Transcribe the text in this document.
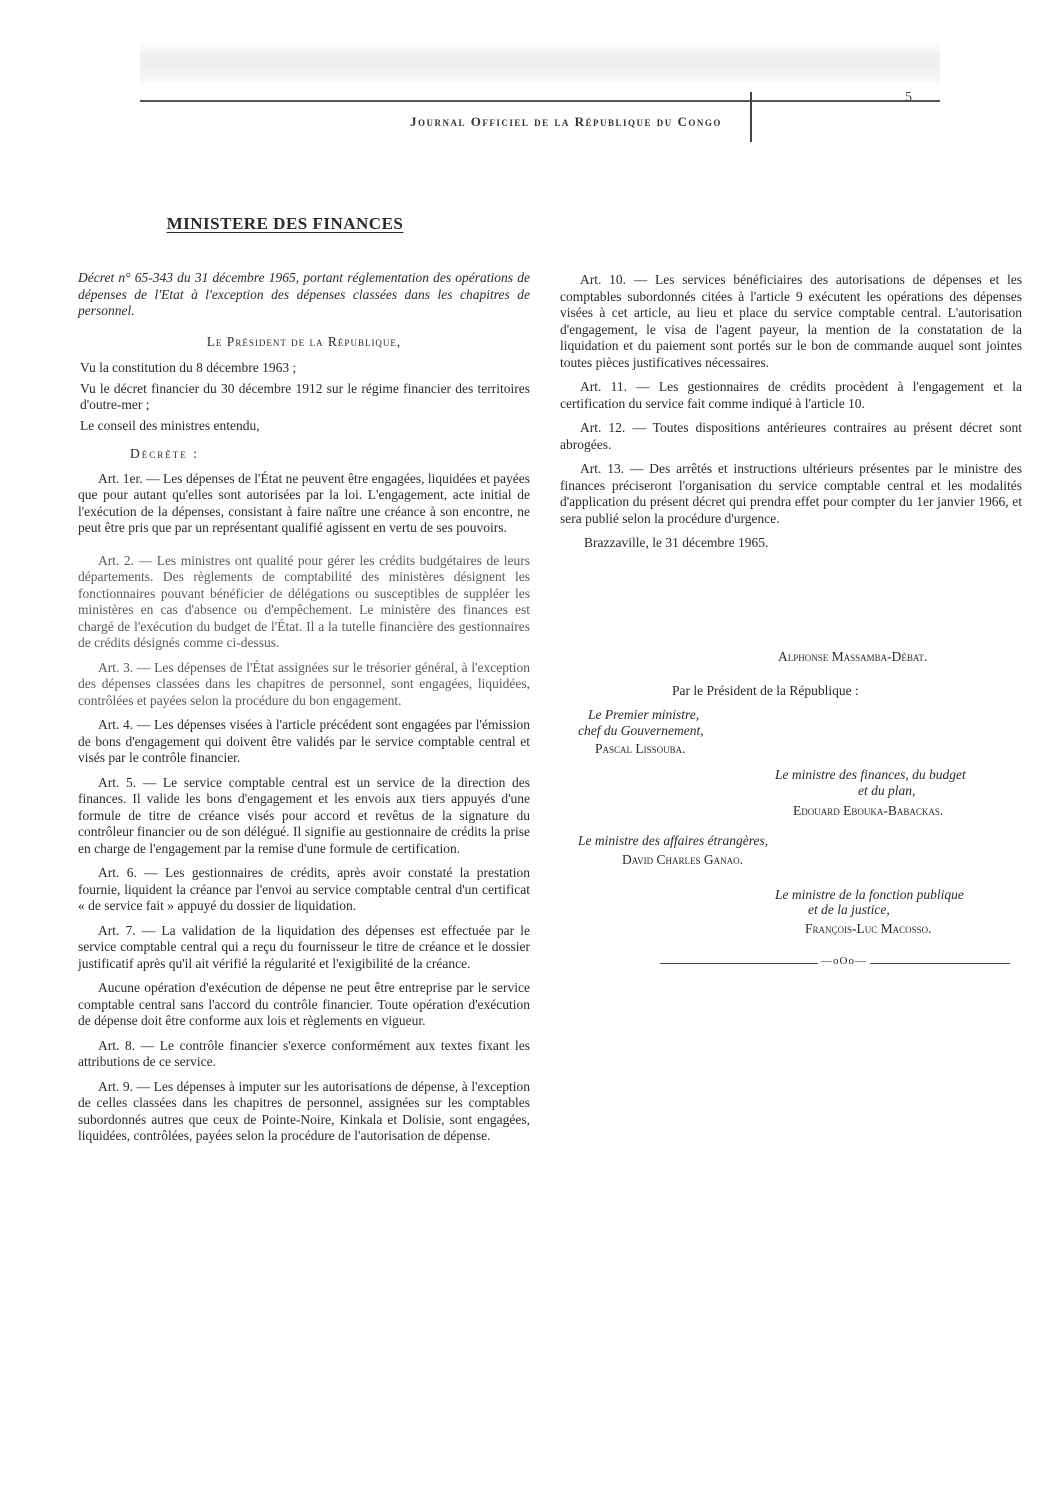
Journal Officiel de la République du Congo
5
MINISTERE DES FINANCES

Décret n° 65-343 du 31 décembre 1965, portant réglementation des opérations de dépenses de l'Etat à l'exception des dépenses classées dans les chapitres de personnel.

Le Président de la République,

Vu la constitution du 8 décembre 1963 ;

Vu le décret financier du 30 décembre 1912 sur le régime financier des territoires d'outre-mer ;

Le conseil des ministres entendu,

Décrète :

Art. 1er. — Les dépenses de l'État ne peuvent être engagées, liquidées et payées que pour autant qu'elles sont autorisées par la loi. L'engagement, acte initial de l'exécution de la dépenses, consistant à faire naître une créance à son encontre, ne peut être pris que par un représentant qualifié agissent en vertu de ses pouvoirs.

Art. 2. — Les ministres ont qualité pour gérer les crédits budgétaires de leurs départements. Des règlements de comptabilité des ministères désignent les fonctionnaires pouvant bénéficier de délégations ou susceptibles de suppléer les ministères en cas d'absence ou d'empêchement. Le ministère des finances est chargé de l'exécution du budget de l'État. Il a la tutelle financière des gestionnaires de crédits désignés comme ci-dessus.

Art. 3. — Les dépenses de l'État assignées sur le trésorier général, à l'exception des dépenses classées dans les chapitres de personnel, sont engagées, liquidées, contrôlées et payées selon la procédure du bon engagement.

Art. 4. — Les dépenses visées à l'article précédent sont engagées par l'émission de bons d'engagement qui doivent être validés par le service comptable central et visés par le contrôle financier.

Art. 5. — Le service comptable central est un service de la direction des finances. Il valide les bons d'engagement et les envois aux tiers appuyés d'une formule de titre de créance visés pour accord et revêtus de la signature du contrôleur financier ou de son délégué. Il signifie au gestionnaire de crédits la prise en charge de l'engagement par la remise d'une formule de certification.

Art. 6. — Les gestionnaires de crédits, après avoir constaté la prestation fournie, liquident la créance par l'envoi au service comptable central d'un certificat « de service fait » appuyé du dossier de liquidation.

Art. 7. — La validation de la liquidation des dépenses est effectuée par le service comptable central qui a reçu du fournisseur le titre de créance et le dossier justificatif après qu'il ait vérifié la régularité et l'exigibilité de la créance.

Aucune opération d'exécution de dépense ne peut être entreprise par le service comptable central sans l'accord du contrôle financier. Toute opération d'exécution de dépense doit être conforme aux lois et règlements en vigueur.

Art. 8. — Le contrôle financier s'exerce conformément aux textes fixant les attributions de ce service.

Art. 9. — Les dépenses à imputer sur les autorisations de dépense, à l'exception de celles classées dans les chapitres de personnel, assignées sur les comptables subordonnés autres que ceux de Pointe-Noire, Kinkala et Dolisie, sont engagées, liquidées, contrôlées, payées selon la procédure de l'autorisation de dépense.

Art. 10. — Les services bénéficiaires des autorisations de dépenses et les comptables subordonnés citées à l'article 9 exécutent les opérations des dépenses visées à cet article, au lieu et place du service comptable central. L'autorisation d'engagement, le visa de l'agent payeur, la mention de la constatation de la liquidation et du paiement sont portés sur le bon de commande auquel sont jointes toutes pièces justificatives nécessaires.

Art. 11. — Les gestionnaires de crédits procèdent à l'engagement et la certification du service fait comme indiqué à l'article 10.

Art. 12. — Toutes dispositions antérieures contraires au présent décret sont abrogées.

Art. 13. — Des arrêtés et instructions ultérieurs présentes par le ministre des finances préciseront l'organisation du service comptable central et les modalités d'application du présent décret qui prendra effet pour compter du 1er janvier 1966, et sera publié selon la procédure d'urgence.

Brazzaville, le 31 décembre 1965.

Alphonse Massamba-Débat.
Par le Président de la République :
Le Premier ministre,
chef du Gouvernement,
Pascal Lissouba.
Le ministre des finances, du budget
et du plan,
Edouard Ebouka-Babackas.
Le ministre des affaires étrangères,
David Charles Ganao.
Le ministre de la fonction publique
et de la justice,
François-Luc Macosso.
—oOo—
